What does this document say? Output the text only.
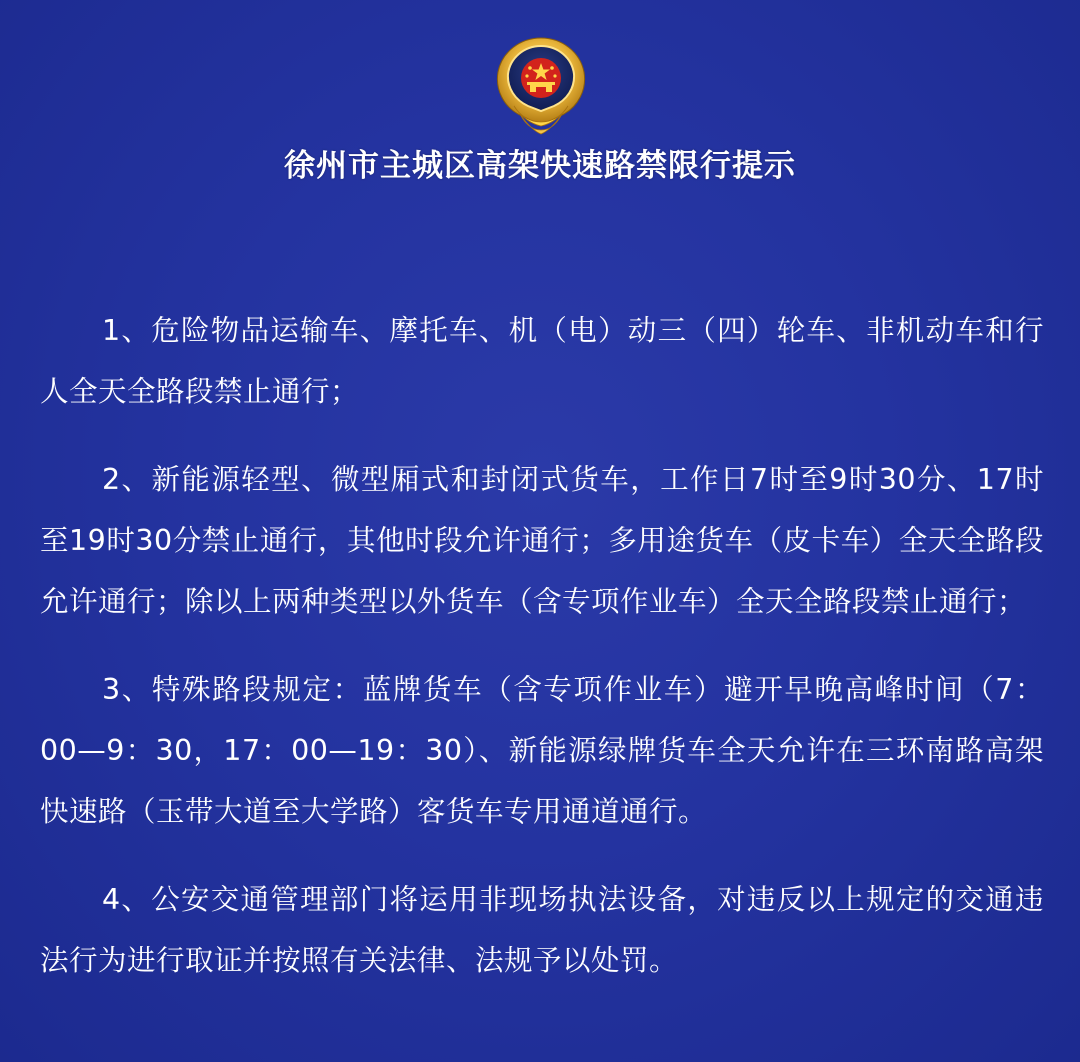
徐州市主城区高架快速路禁限行提示

1、危险物品运输车、摩托车、机（电）动三（四）轮车、非机动车和行人全天全路段禁止通行；

2、新能源轻型、微型厢式和封闭式货车，工作日7时至9时30分、17时至19时30分禁止通行，其他时段允许通行；多用途货车（皮卡车）全天全路段允许通行；除以上两种类型以外货车（含专项作业车）全天全路段禁止通行；

3、特殊路段规定：蓝牌货车（含专项作业车）避开早晚高峰时间（7：00—9：30，17：00—19：30）、新能源绿牌货车全天允许在三环南路高架快速路（玉带大道至大学路）客货车专用通道通行。

4、公安交通管理部门将运用非现场执法设备，对违反以上规定的交通违法行为进行取证并按照有关法律、法规予以处罚。
